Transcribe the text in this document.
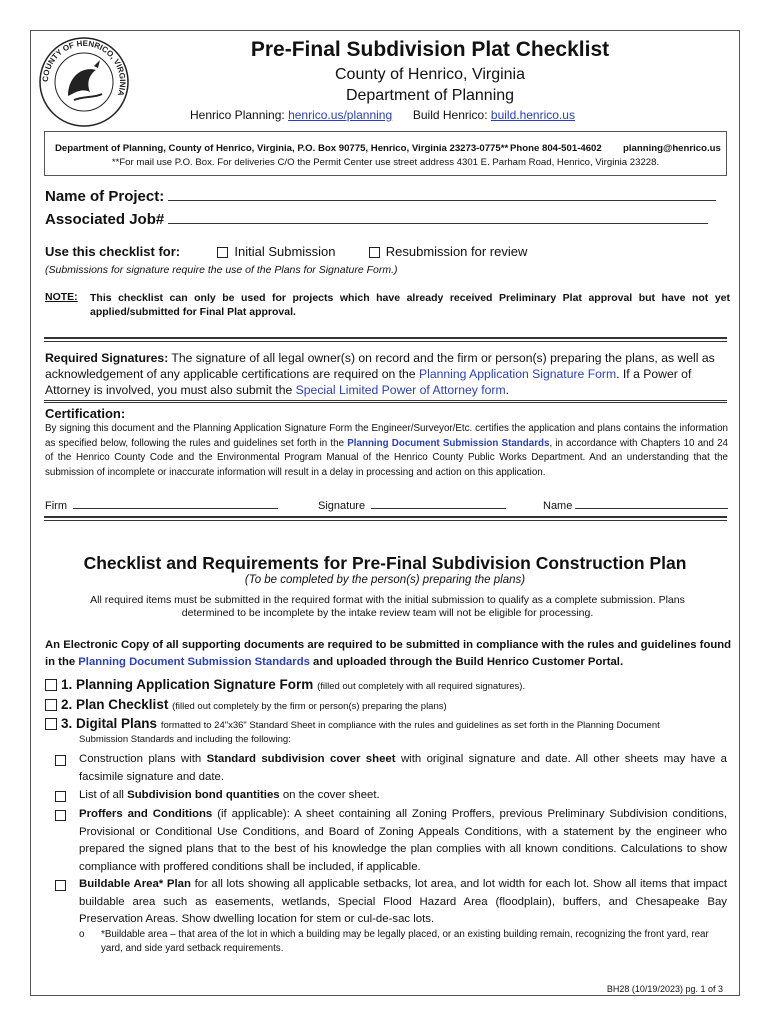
COUNTY OF HENRICO, VIRGINIA
Pre-Final Subdivision Plat Checklist
County of Henrico, Virginia
Department of Planning
Henrico Planning: henrico.us/planning Build Henrico: build.henrico.us
Department of Planning, County of Henrico, Virginia, P.O. Box 90775, Henrico, Virginia 23273-0775** Phone 804-501-4602 planning@henrico.us
**For mail use P.O. Box. For deliveries C/O the Permit Center use street address 4301 E. Parham Road, Henrico, Virginia 23228.
Name of Project:
Associated Job#
Use this checklist for:	Initial Submission	Resubmission for review
(Submissions for signature require the use of the Plans for Signature Form.)
NOTE: This checklist can only be used for projects which have already received Preliminary Plat approval but have not yet applied/submitted for Final Plat approval.
Required Signatures: The signature of all legal owner(s) on record and the firm or person(s) preparing the plans, as well as acknowledgement of any applicable certifications are required on the Planning Application Signature Form. If a Power of Attorney is involved, you must also submit the Special Limited Power of Attorney form.
Certification:
By signing this document and the Planning Application Signature Form the Engineer/Surveyor/Etc. certifies the application and plans contains the information as specified below, following the rules and guidelines set forth in the Planning Document Submission Standards, in accordance with Chapters 10 and 24 of the Henrico County Code and the Environmental Program Manual of the Henrico County Public Works Department. And an understanding that the submission of incomplete or inaccurate information will result in a delay in processing and action on this application.
Firm	Signature	Name
Checklist and Requirements for Pre-Final Subdivision Construction Plan
(To be completed by the person(s) preparing the plans)
All required items must be submitted in the required format with the initial submission to qualify as a complete submission. Plans
determined to be incomplete by the intake review team will not be eligible for processing.
An Electronic Copy of all supporting documents are required to be submitted in compliance with the rules and guidelines found in the Planning Document Submission Standards and uploaded through the Build Henrico Customer Portal.
1. Planning Application Signature Form (filled out completely with all required signatures).
2. Plan Checklist (filled out completely by the firm or person(s) preparing the plans)
3. Digital Plans formatted to 24"x36" Standard Sheet in compliance with the rules and guidelines as set forth in the Planning Document
Submission Standards and including the following:
Construction plans with Standard subdivision cover sheet with original signature and date. All other sheets may have a facsimile signature and date.
List of all Subdivision bond quantities on the cover sheet.
Proffers and Conditions (if applicable): A sheet containing all Zoning Proffers, previous Preliminary Subdivision conditions, Provisional or Conditional Use Conditions, and Board of Zoning Appeals Conditions, with a statement by the engineer who prepared the signed plans that to the best of his knowledge the plan complies with all known conditions. Calculations to show compliance with proffered conditions shall be included, if applicable.
Buildable Area* Plan for all lots showing all applicable setbacks, lot area, and lot width for each lot. Show all items that impact buildable area such as easements, wetlands, Special Flood Hazard Area (floodplain), buffers, and Chesapeake Bay Preservation Areas. Show dwelling location for stem or cul-de-sac lots.
o *Buildable area – that area of the lot in which a building may be legally placed, or an existing building remain, recognizing the front yard, rear yard, and side yard setback requirements.
BH28 (10/19/2023) pg. 1 of 3
